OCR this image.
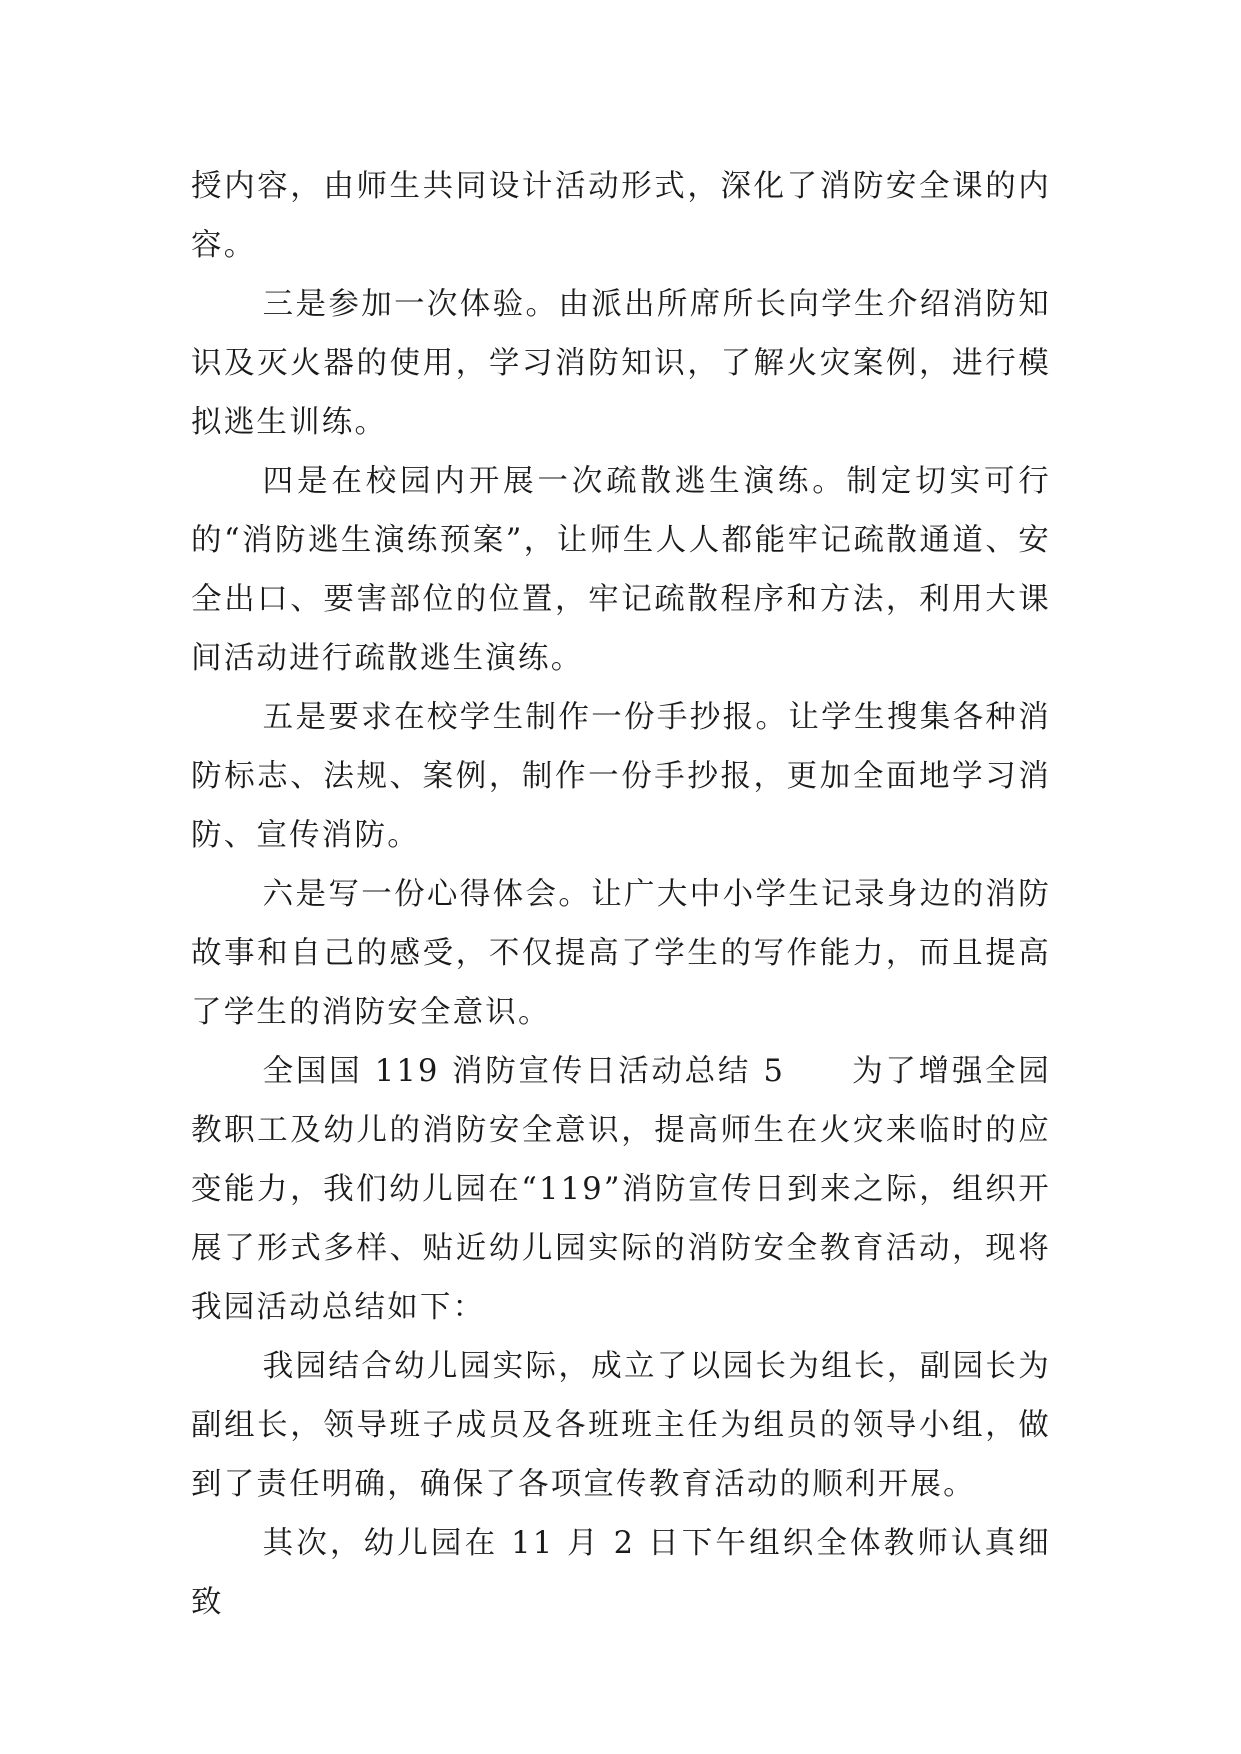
授内容，由师生共同设计活动形式，深化了消防安全课的内容。

三是参加一次体验。由派出所席所长向学生介绍消防知识及灭火器的使用，学习消防知识，了解火灾案例，进行模拟逃生训练。

四是在校园内开展一次疏散逃生演练。制定切实可行的“消防逃生演练预案”，让师生人人都能牢记疏散通道、安全出口、要害部位的位置，牢记疏散程序和方法，利用大课间活动进行疏散逃生演练。

五是要求在校学生制作一份手抄报。让学生搜集各种消防标志、法规、案例，制作一份手抄报，更加全面地学习消防、宣传消防。

六是写一份心得体会。让广大中小学生记录身边的消防故事和自己的感受，不仅提高了学生的写作能力，而且提高了学生的消防安全意识。

全国国 119 消防宣传日活动总结 5　　为了增强全园教职工及幼儿的消防安全意识，提高师生在火灾来临时的应变能力，我们幼儿园在“119”消防宣传日到来之际，组织开展了形式多样、贴近幼儿园实际的消防安全教育活动，现将我园活动总结如下：

我园结合幼儿园实际，成立了以园长为组长，副园长为副组长，领导班子成员及各班班主任为组员的领导小组，做到了责任明确，确保了各项宣传教育活动的顺利开展。

其次，幼儿园在 11 月 2 日下午组织全体教师认真细致
